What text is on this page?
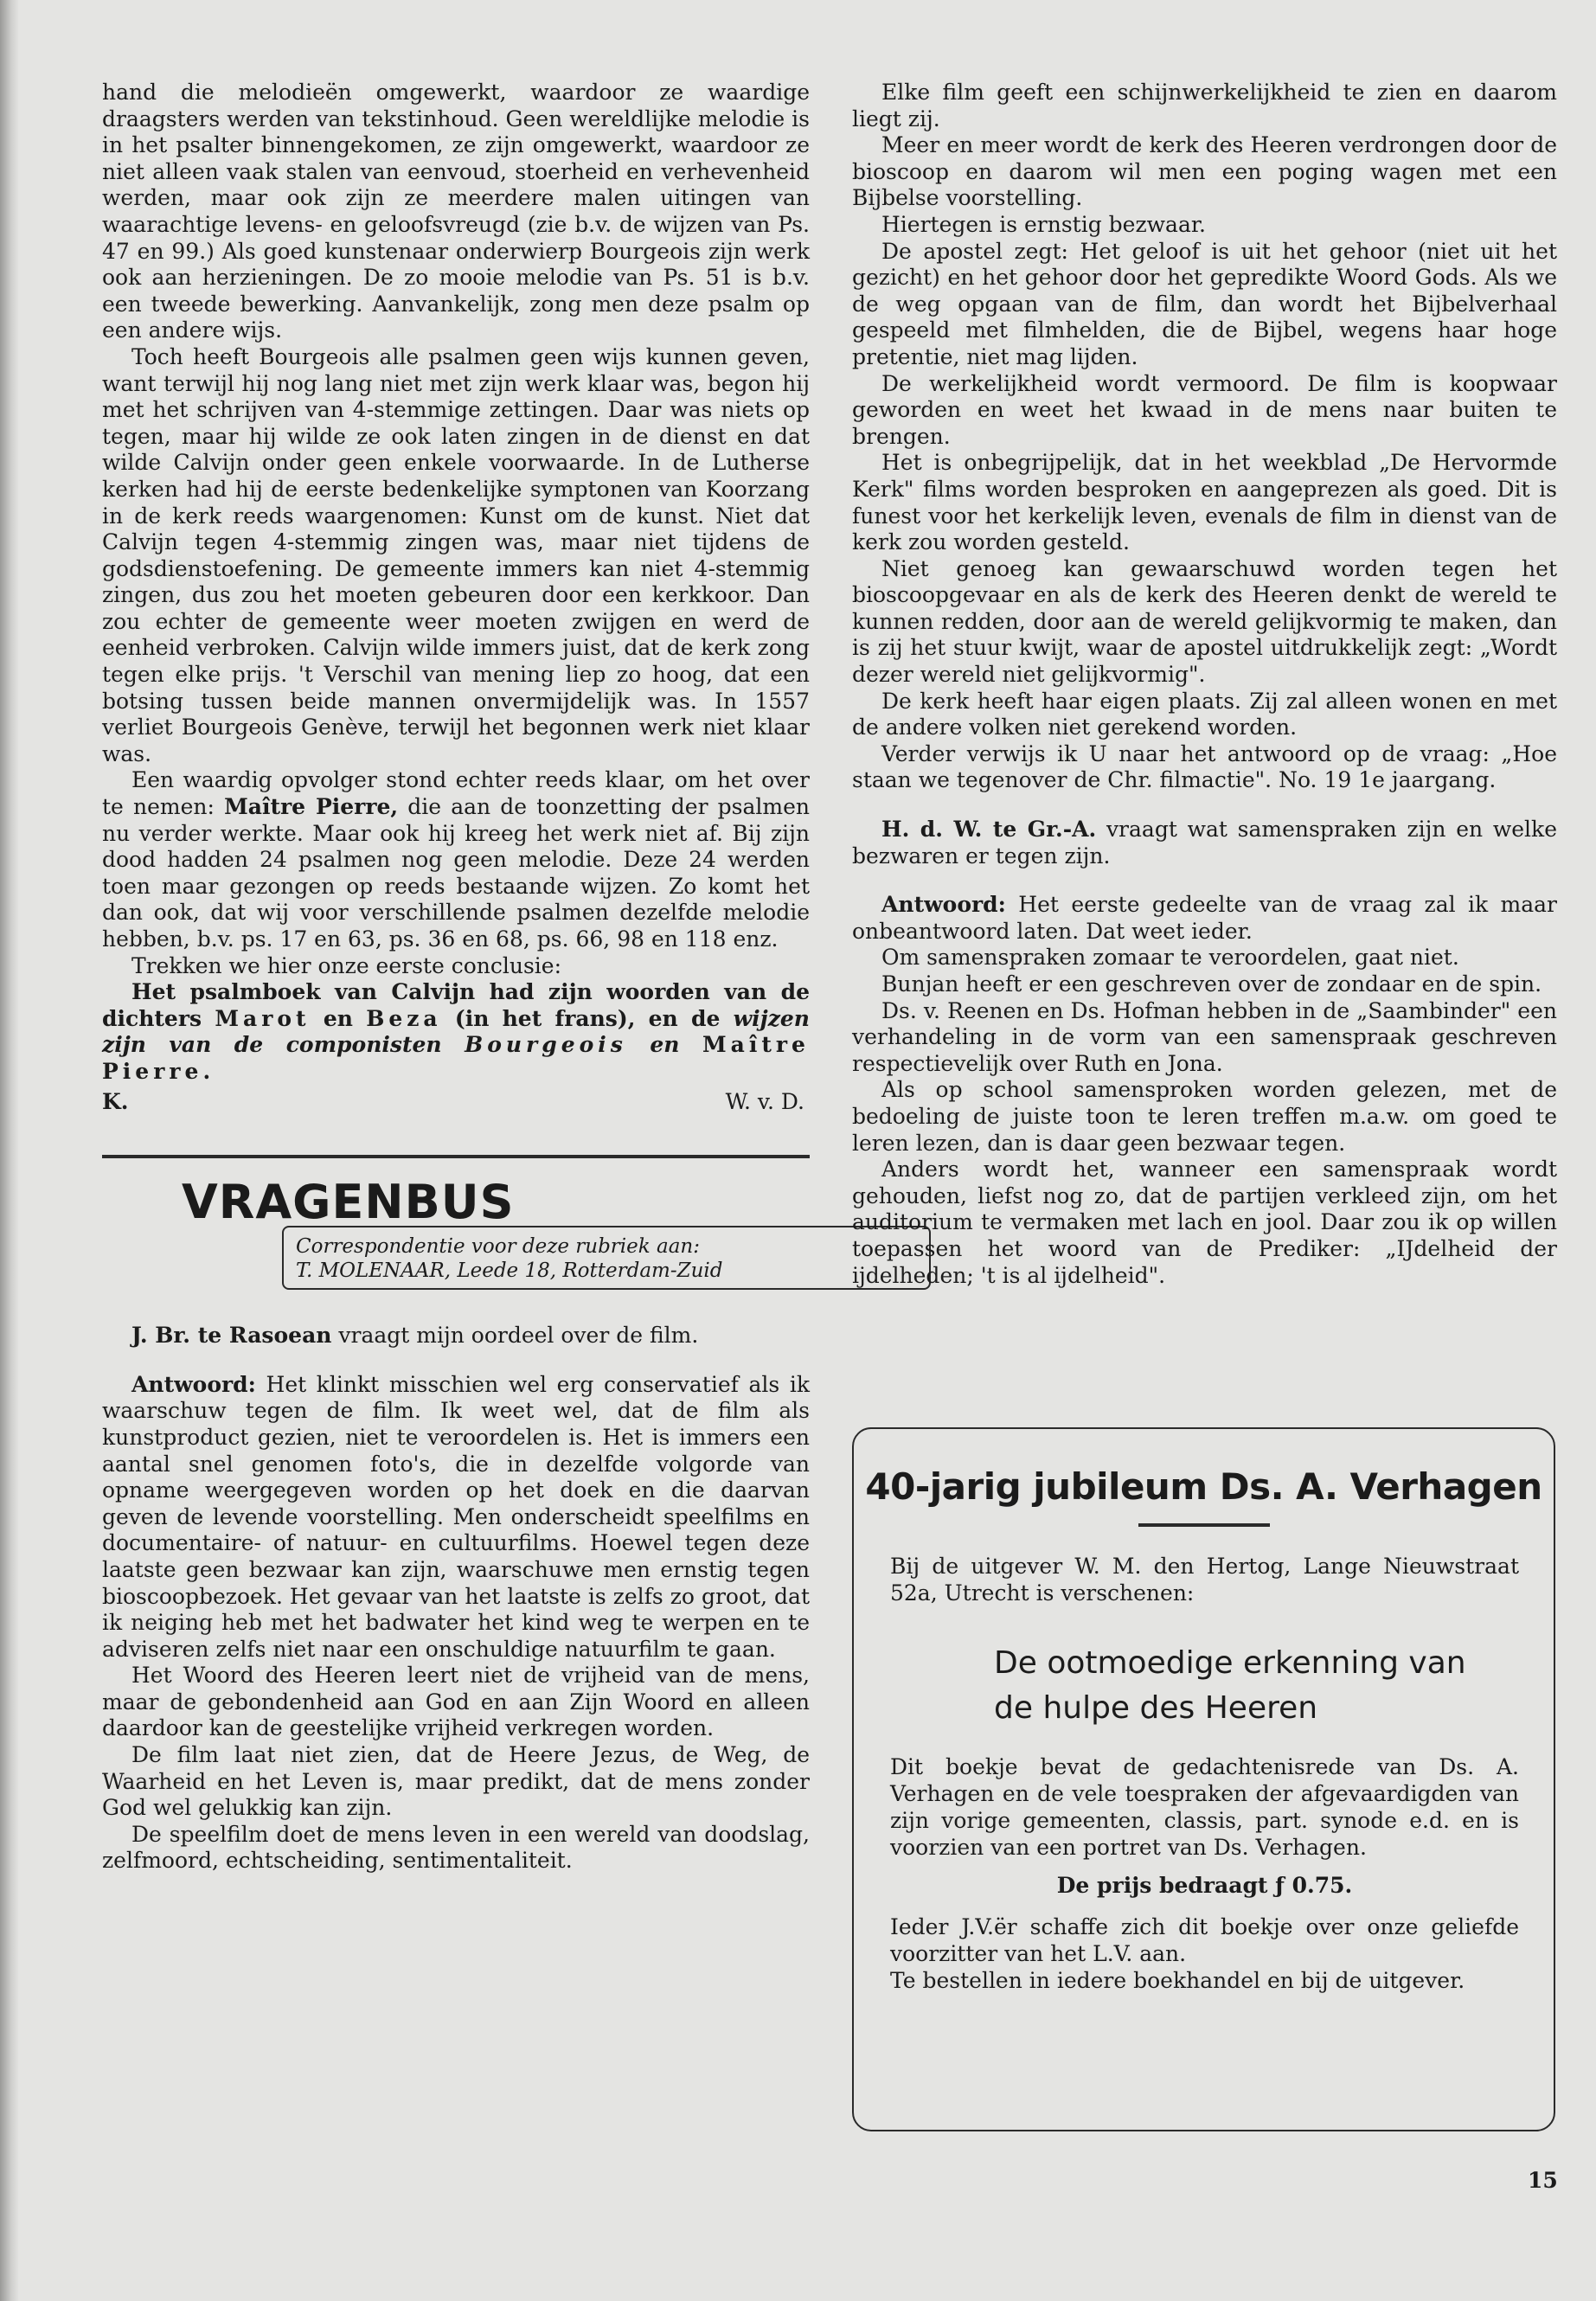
hand die melodieën omgewerkt, waardoor ze waardige draagsters werden van tekstinhoud. Geen wereldlijke melodie is in het psalter binnengekomen, ze zijn omgewerkt, waardoor ze niet alleen vaak stalen van eenvoud, stoerheid en verhevenheid werden, maar ook zijn ze meerdere malen uitingen van waarachtige levens- en geloofsvreugd (zie b.v. de wijzen van Ps. 47 en 99.) Als goed kunstenaar onderwierp Bourgeois zijn werk ook aan herzieningen. De zo mooie melodie van Ps. 51 is b.v. een tweede bewerking. Aanvankelijk, zong men deze psalm op een andere wijs.

Toch heeft Bourgeois alle psalmen geen wijs kunnen geven, want terwijl hij nog lang niet met zijn werk klaar was, begon hij met het schrijven van 4-stemmige zettingen. Daar was niets op tegen, maar hij wilde ze ook laten zingen in de dienst en dat wilde Calvijn onder geen enkele voorwaarde. In de Lutherse kerken had hij de eerste bedenkelijke symptonen van Koorzang in de kerk reeds waargenomen: Kunst om de kunst. Niet dat Calvijn tegen 4-stemmig zingen was, maar niet tijdens de godsdienstoefening. De gemeente immers kan niet 4-stemmig zingen, dus zou het moeten gebeuren door een kerkkoor. Dan zou echter de gemeente weer moeten zwijgen en werd de eenheid verbroken. Calvijn wilde immers juist, dat de kerk zong tegen elke prijs. 't Verschil van mening liep zo hoog, dat een botsing tussen beide mannen onvermijdelijk was. In 1557 verliet Bourgeois Genève, terwijl het begonnen werk niet klaar was.

Een waardig opvolger stond echter reeds klaar, om het over te nemen: Maître Pierre, die aan de toonzetting der psalmen nu verder werkte. Maar ook hij kreeg het werk niet af. Bij zijn dood hadden 24 psalmen nog geen melodie. Deze 24 werden toen maar gezongen op reeds bestaande wijzen. Zo komt het dan ook, dat wij voor verschillende psalmen dezelfde melodie hebben, b.v. ps. 17 en 63, ps. 36 en 68, ps. 66, 98 en 118 enz.

Trekken we hier onze eerste conclusie:

Het psalmboek van Calvijn had zijn woorden van de dichters Marot en Beza (in het frans), en de wijzen zijn van de componisten Bourgeois en Maître Pierre.

K.	W. v. D.
VRAGENBUS
Correspondentie voor deze rubriek aan:
T. MOLENAAR, Leede 18, Rotterdam-Zuid

J. Br. te Rasoean vraagt mijn oordeel over de film.

Antwoord: Het klinkt misschien wel erg conservatief als ik waarschuw tegen de film. Ik weet wel, dat de film als kunstproduct gezien, niet te veroordelen is. Het is immers een aantal snel genomen foto's, die in dezelfde volgorde van opname weergegeven worden op het doek en die daarvan geven de levende voorstelling. Men onderscheidt speelfilms en documentaire- of natuur- en cultuurfilms. Hoewel tegen deze laatste geen bezwaar kan zijn, waarschuwe men ernstig tegen bioscoopbezoek. Het gevaar van het laatste is zelfs zo groot, dat ik neiging heb met het badwater het kind weg te werpen en te adviseren zelfs niet naar een onschuldige natuurfilm te gaan.

Het Woord des Heeren leert niet de vrijheid van de mens, maar de gebondenheid aan God en aan Zijn Woord en alleen daardoor kan de geestelijke vrijheid verkregen worden.

De film laat niet zien, dat de Heere Jezus, de Weg, de Waarheid en het Leven is, maar predikt, dat de mens zonder God wel gelukkig kan zijn.

De speelfilm doet de mens leven in een wereld van doodslag, zelfmoord, echtscheiding, sentimentaliteit.

Elke film geeft een schijnwerkelijkheid te zien en daarom liegt zij.

Meer en meer wordt de kerk des Heeren verdrongen door de bioscoop en daarom wil men een poging wagen met een Bijbelse voorstelling.

Hiertegen is ernstig bezwaar.

De apostel zegt: Het geloof is uit het gehoor (niet uit het gezicht) en het gehoor door het gepredikte Woord Gods. Als we de weg opgaan van de film, dan wordt het Bijbelverhaal gespeeld met filmhelden, die de Bijbel, wegens haar hoge pretentie, niet mag lijden.

De werkelijkheid wordt vermoord. De film is koopwaar geworden en weet het kwaad in de mens naar buiten te brengen.

Het is onbegrijpelijk, dat in het weekblad „De Hervormde Kerk" films worden besproken en aangeprezen als goed. Dit is funest voor het kerkelijk leven, evenals de film in dienst van de kerk zou worden gesteld.

Niet genoeg kan gewaarschuwd worden tegen het bioscoopgevaar en als de kerk des Heeren denkt de wereld te kunnen redden, door aan de wereld gelijkvormig te maken, dan is zij het stuur kwijt, waar de apostel uitdrukkelijk zegt: „Wordt dezer wereld niet gelijkvormig".

De kerk heeft haar eigen plaats. Zij zal alleen wonen en met de andere volken niet gerekend worden.

Verder verwijs ik U naar het antwoord op de vraag: „Hoe staan we tegenover de Chr. filmactie". No. 19 1e jaargang.

H. d. W. te Gr.-A. vraagt wat samenspraken zijn en welke bezwaren er tegen zijn.

Antwoord: Het eerste gedeelte van de vraag zal ik maar onbeantwoord laten. Dat weet ieder.

Om samenspraken zomaar te veroordelen, gaat niet.

Bunjan heeft er een geschreven over de zondaar en de spin.

Ds. v. Reenen en Ds. Hofman hebben in de „Saambinder" een verhandeling in de vorm van een samenspraak geschreven respectievelijk over Ruth en Jona.

Als op school samensproken worden gelezen, met de bedoeling de juiste toon te leren treffen m.a.w. om goed te leren lezen, dan is daar geen bezwaar tegen.

Anders wordt het, wanneer een samenspraak wordt gehouden, liefst nog zo, dat de partijen verkleed zijn, om het auditorium te vermaken met lach en jool. Daar zou ik op willen toepassen het woord van de Prediker: „IJdelheid der ijdelheden; 't is al ijdelheid".

40-jarig jubileum Ds. A. Verhagen

Bij de uitgever W. M. den Hertog, Lange Nieuwstraat 52a, Utrecht is verschenen:

De ootmoedige erkenning van
de hulpe des Heeren

Dit boekje bevat de gedachtenisrede van Ds. A. Verhagen en de vele toespraken der afgevaardigden van zijn vorige gemeenten, classis, part. synode e.d. en is voorzien van een portret van Ds. Verhagen.

De prijs bedraagt ƒ 0.75.

Ieder J.V.ër schaffe zich dit boekje over onze geliefde voorzitter van het L.V. aan.

Te bestellen in iedere boekhandel en bij de uitgever.

15
